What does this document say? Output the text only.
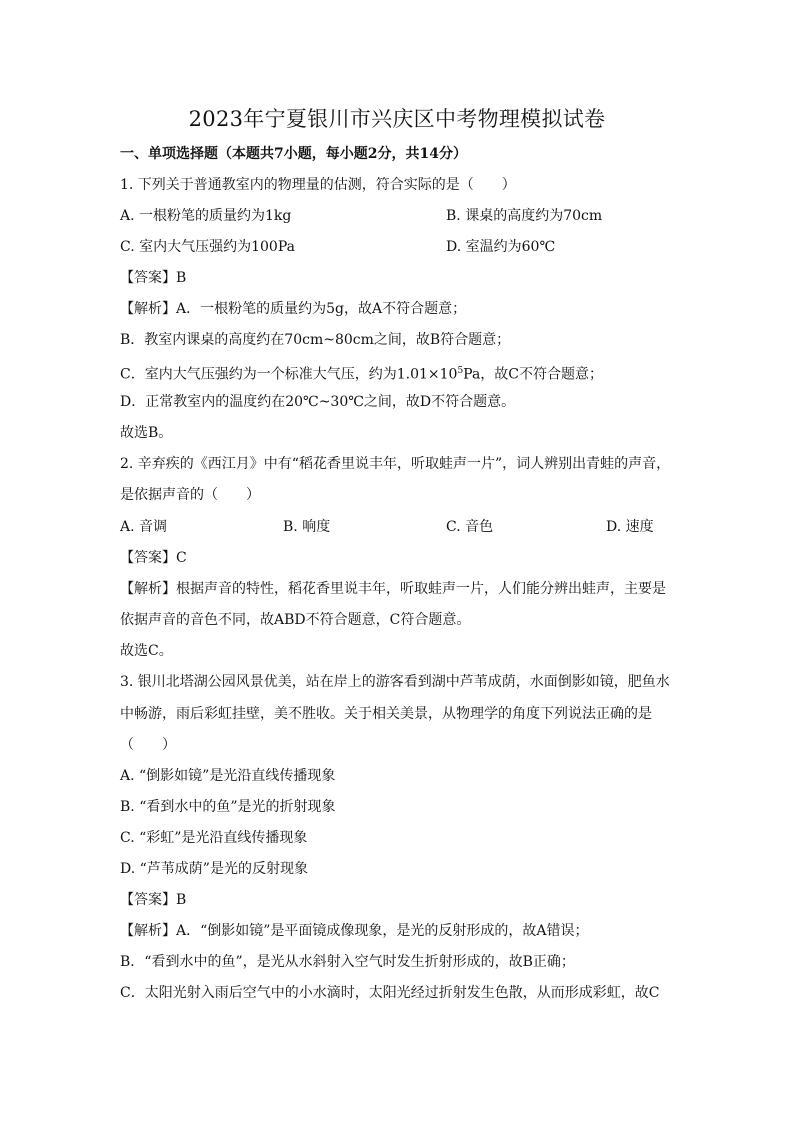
2023年宁夏银川市兴庆区中考物理模拟试卷
一、单项选择题（本题共7小题，每小题2分，共14分）
1. 下列关于普通教室内的物理量的估测，符合实际的是（　　）
A. 一根粉笔的质量约为1kg	B. 课桌的高度约为70cm
C. 室内大气压强约为100Pa	D. 室温约为60℃
【答案】B
【解析】A．一根粉笔的质量约为5g，故A不符合题意；
B．教室内课桌的高度约在70cm~80cm之间，故B符合题意；
C．室内大气压强约为一个标准大气压，约为$1.01\times 10^5Pa$，故C不符合题意；
D．正常教室内的温度约在20℃~30℃之间，故D不符合题意。
故选B。
2. 辛弃疾的《西江月》中有“稻花香里说丰年，听取蛙声一片”，词人辨别出青蛙的声音，
是依据声音的（　　）
A. 音调	B. 响度	C. 音色	D. 速度
【答案】C
【解析】根据声音的特性，稻花香里说丰年，听取蛙声一片，人们能分辨出蛙声，主要是
依据声音的音色不同，故ABD不符合题意，C符合题意。
故选C。
3. 银川北塔湖公园风景优美，站在岸上的游客看到湖中芦苇成荫，水面倒影如镜，肥鱼水
中畅游，雨后彩虹挂壁，美不胜收。关于相关美景，从物理学的角度下列说法正确的是
（　　）
A. “倒影如镜”是光沿直线传播现象
B. “看到水中的鱼”是光的折射现象
C. “彩虹”是光沿直线传播现象
D. “芦苇成荫”是光的反射现象
【答案】B
【解析】A．“倒影如镜”是平面镜成像现象，是光的反射形成的，故A错误；
B．“看到水中的鱼”，是光从水斜射入空气时发生折射形成的，故B正确；
C．太阳光射入雨后空气中的小水滴时，太阳光经过折射发生色散，从而形成彩虹，故C
